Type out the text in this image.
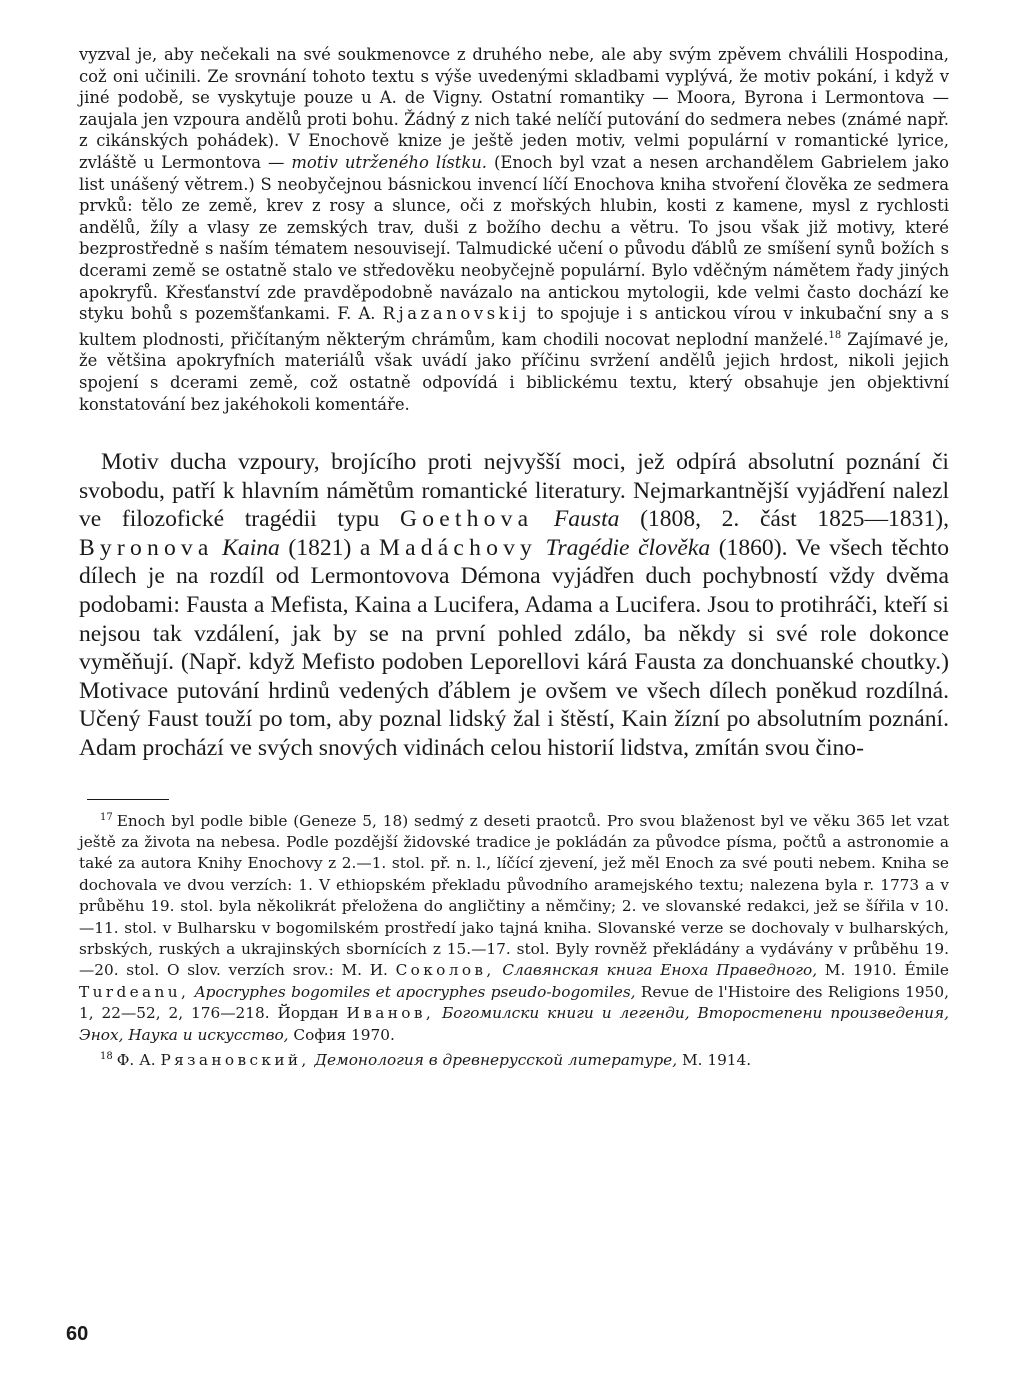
vyzval je, aby nečekali na své soukmenovce z druhého nebe, ale aby svým zpěvem chválili Hospodina, což oni učinili. Ze srovnání tohoto textu s výše uvedenými skladbami vyplývá, že motiv pokání, i když v jiné podobě, se vyskytuje pouze u A. de Vigny. Ostatní romantiky — Moora, Byrona i Lermontova — zaujala jen vzpoura andělů proti bohu. Žádný z nich také nelíčí putování do sedmera nebes (známé např. z cikánských pohádek). V Enochově knize je ještě jeden motiv, velmi populární v romantické lyrice, zvláště u Lermontova — motiv utrženého lístku. (Enoch byl vzat a nesen archandělem Gabrielem jako list unášený větrem.) S neobyčejnou básnickou invencí líčí Enochova kniha stvoření člověka ze sedmera prvků: tělo ze země, krev z rosy a slunce, oči z mořských hlubin, kosti z kamene, mysl z rychlosti andělů, žíly a vlasy ze zemských trav, duši z božího dechu a větru. To jsou však již motivy, které bezprostředně s naším tématem nesouvisejí. Talmudické učení o původu ďáblů ze smíšení synů božích s dcerami země se ostatně stalo ve středověku neobyčejně populární. Bylo vděčným námětem řady jiných apokryfů. Křesťanství zde pravděpodobně navázalo na antickou mytologii, kde velmi často dochází ke styku bohů s pozemšťankami. F. A. Rjazanovskij to spojuje i s antickou vírou v inkubační sny a s kultem plodnosti, přičítaným některým chrámům, kam chodili nocovat neplodní manželé.$^{18}$ Zajímavé je, že většina apokryfních materiálů však uvádí jako příčinu svržení andělů jejich hrdost, nikoli jejich spojení s dcerami země, což ostatně odpovídá i biblickému textu, který obsahuje jen objektivní konstatování bez jakéhokoli komentáře.

Motiv ducha vzpoury, brojícího proti nejvyšší moci, jež odpírá absolutní poznání či svobodu, patří k hlavním námětům romantické literatury. Nejmarkantnější vyjádření nalezl ve filozofické tragédii typu Goethova Fausta (1808, 2. část 1825—1831), Byronova Kaina (1821) a Madáchovy Tragédie člověka (1860). Ve všech těchto dílech je na rozdíl od Lermontovova Démona vyjádřen duch pochybností vždy dvěma podobami: Fausta a Mefista, Kaina a Lucifera, Adama a Lucifera. Jsou to protihráči, kteří si nejsou tak vzdálení, jak by se na první pohled zdálo, ba někdy si své role dokonce vyměňují. (Např. když Mefisto podoben Leporellovi kárá Fausta za donchuanské choutky.) Motivace putování hrdinů vedených ďáblem je ovšem ve všech dílech poněkud rozdílná. Učený Faust touží po tom, aby poznal lidský žal i štěstí, Kain žízní po absolutním poznání. Adam prochází ve svých snových vidinách celou historií lidstva, zmítán svou čino-

$^{17}$ Enoch byl podle bible (Geneze 5, 18) sedmý z deseti praotců. Pro svou blaženost byl ve věku 365 let vzat ještě za života na nebesa. Podle pozdější židovské tradice je pokládán za původce písma, počtů a astronomie a také za autora Knihy Enochovy z 2.—1. stol. př. n. l., líčící zjevení, jež měl Enoch za své pouti nebem. Kniha se dochovala ve dvou verzích: 1. V ethiopském překladu původního aramejského textu; nalezena byla r. 1773 a v průběhu 19. stol. byla několikrát přeložena do angličtiny a němčiny; 2. ve slovanské redakci, jež se šířila v 10.—11. stol. v Bulharsku v bogomilském prostředí jako tajná kniha. Slovanské verze se dochovaly v bulharských, srbských, ruských a ukrajinských sbornících z 15.—17. stol. Byly rovněž překládány a vydávány v průběhu 19.—20. stol. O slov. verzích srov.: М. И. Соколов, Славянская книга Еноха Праведного, М. 1910. Émile Turdeanu, Apocryphes bogomiles et apocryphes pseudo-bogomiles, Revue de l'Histoire des Religions 1950, 1, 22—52, 2, 176—218. Йордан Иванов, Богомилски книги и легенди, Второстепени произведения, Энох, Наука и искусство, София 1970.

$^{18}$ Ф. А. Рязановский, Демонология в древнерусской литературе, М. 1914.

60
